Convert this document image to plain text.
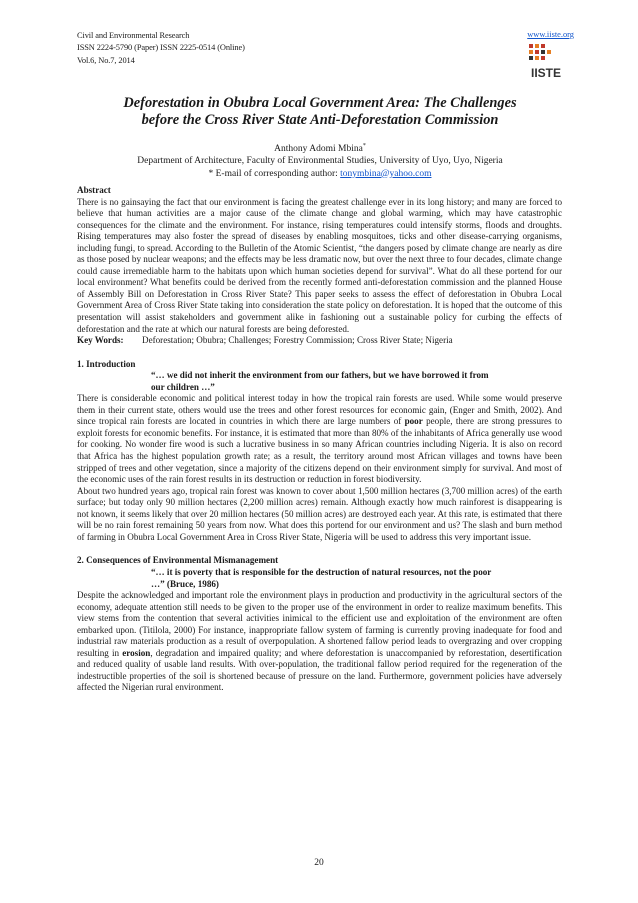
Civil and Environmental Research
ISSN 2224-5790 (Paper) ISSN 2225-0514 (Online)
Vol.6, No.7, 2014
www.iiste.org
IISTE
Deforestation in Obubra Local Government Area: The Challenges
before the Cross River State Anti-Deforestation Commission
Anthony Adomi Mbina*
Department of Architecture, Faculty of Environmental Studies, University of Uyo, Uyo, Nigeria
* E-mail of corresponding author: tonymbina@yahoo.com

Abstract

There is no gainsaying the fact that our environment is facing the greatest challenge ever in its long history; and many are forced to believe that human activities are a major cause of the climate change and global warming, which may have catastrophic consequences for the climate and the environment. For instance, rising temperatures could intensify storms, floods and droughts. Rising temperatures may also foster the spread of diseases by enabling mosquitoes, ticks and other disease-carrying organisms, including fungi, to spread. According to the Bulletin of the Atomic Scientist, “the dangers posed by climate change are nearly as dire as those posed by nuclear weapons; and the effects may be less dramatic now, but over the next three to four decades, climate change could cause irremediable harm to the habitats upon which human societies depend for survival”. What do all these portend for our local environment? What benefits could be derived from the recently formed anti-deforestation commission and the planned House of Assembly Bill on Deforestation in Cross River State? This paper seeks to assess the effect of deforestation in Obubra Local Government Area of Cross River State taking into consideration the state policy on deforestation. It is hoped that the outcome of this presentation will assist stakeholders and government alike in fashioning out a sustainable policy for curbing the effects of deforestation and the rate at which our natural forests are being deforested.

Key Words: Deforestation; Obubra; Challenges; Forestry Commission; Cross River State; Nigeria

1. Introduction

“… we did not inherit the environment from our fathers, but we have borrowed it from

our children …”

There is considerable economic and political interest today in how the tropical rain forests are used. While some would preserve them in their current state, others would use the trees and other forest resources for economic gain, (Enger and Smith, 2002). And since tropical rain forests are located in countries in which there are large numbers of poor people, there are strong pressures to exploit forests for economic benefits. For instance, it is estimated that more than 80% of the inhabitants of Africa generally use wood for cooking. No wonder fire wood is such a lucrative business in so many African countries including Nigeria. It is also on record that Africa has the highest population growth rate; as a result, the territory around most African villages and towns have been stripped of trees and other vegetation, since a majority of the citizens depend on their environment simply for survival. And most of the economic uses of the rain forest results in its destruction or reduction in forest biodiversity.

About two hundred years ago, tropical rain forest was known to cover about 1,500 million hectares (3,700 million acres) of the earth surface; but today only 90 million hectares (2,200 million acres) remain. Although exactly how much rainforest is disappearing is not known, it seems likely that over 20 million hectares (50 million acres) are destroyed each year. At this rate, is estimated that there will be no rain forest remaining 50 years from now. What does this portend for our environment and us? The slash and burn method of farming in Obubra Local Government Area in Cross River State, Nigeria will be used to address this very important issue.

2. Consequences of Environmental Mismanagement

“… it is poverty that is responsible for the destruction of natural resources, not the poor

…” (Bruce, 1986)

Despite the acknowledged and important role the environment plays in production and productivity in the agricultural sectors of the economy, adequate attention still needs to be given to the proper use of the environment in order to realize maximum benefits. This view stems from the contention that several activities inimical to the efficient use and exploitation of the environment are often embarked upon. (Titilola, 2000) For instance, inappropriate fallow system of farming is currently proving inadequate for food and industrial raw materials production as a result of overpopulation. A shortened fallow period leads to overgrazing and over cropping resulting in erosion, degradation and impaired quality; and where deforestation is unaccompanied by reforestation, desertification and reduced quality of usable land results. With over-population, the traditional fallow period required for the regeneration of the indestructible properties of the soil is shortened because of pressure on the land. Furthermore, government policies have adversely affected the Nigerian rural environment.

20
